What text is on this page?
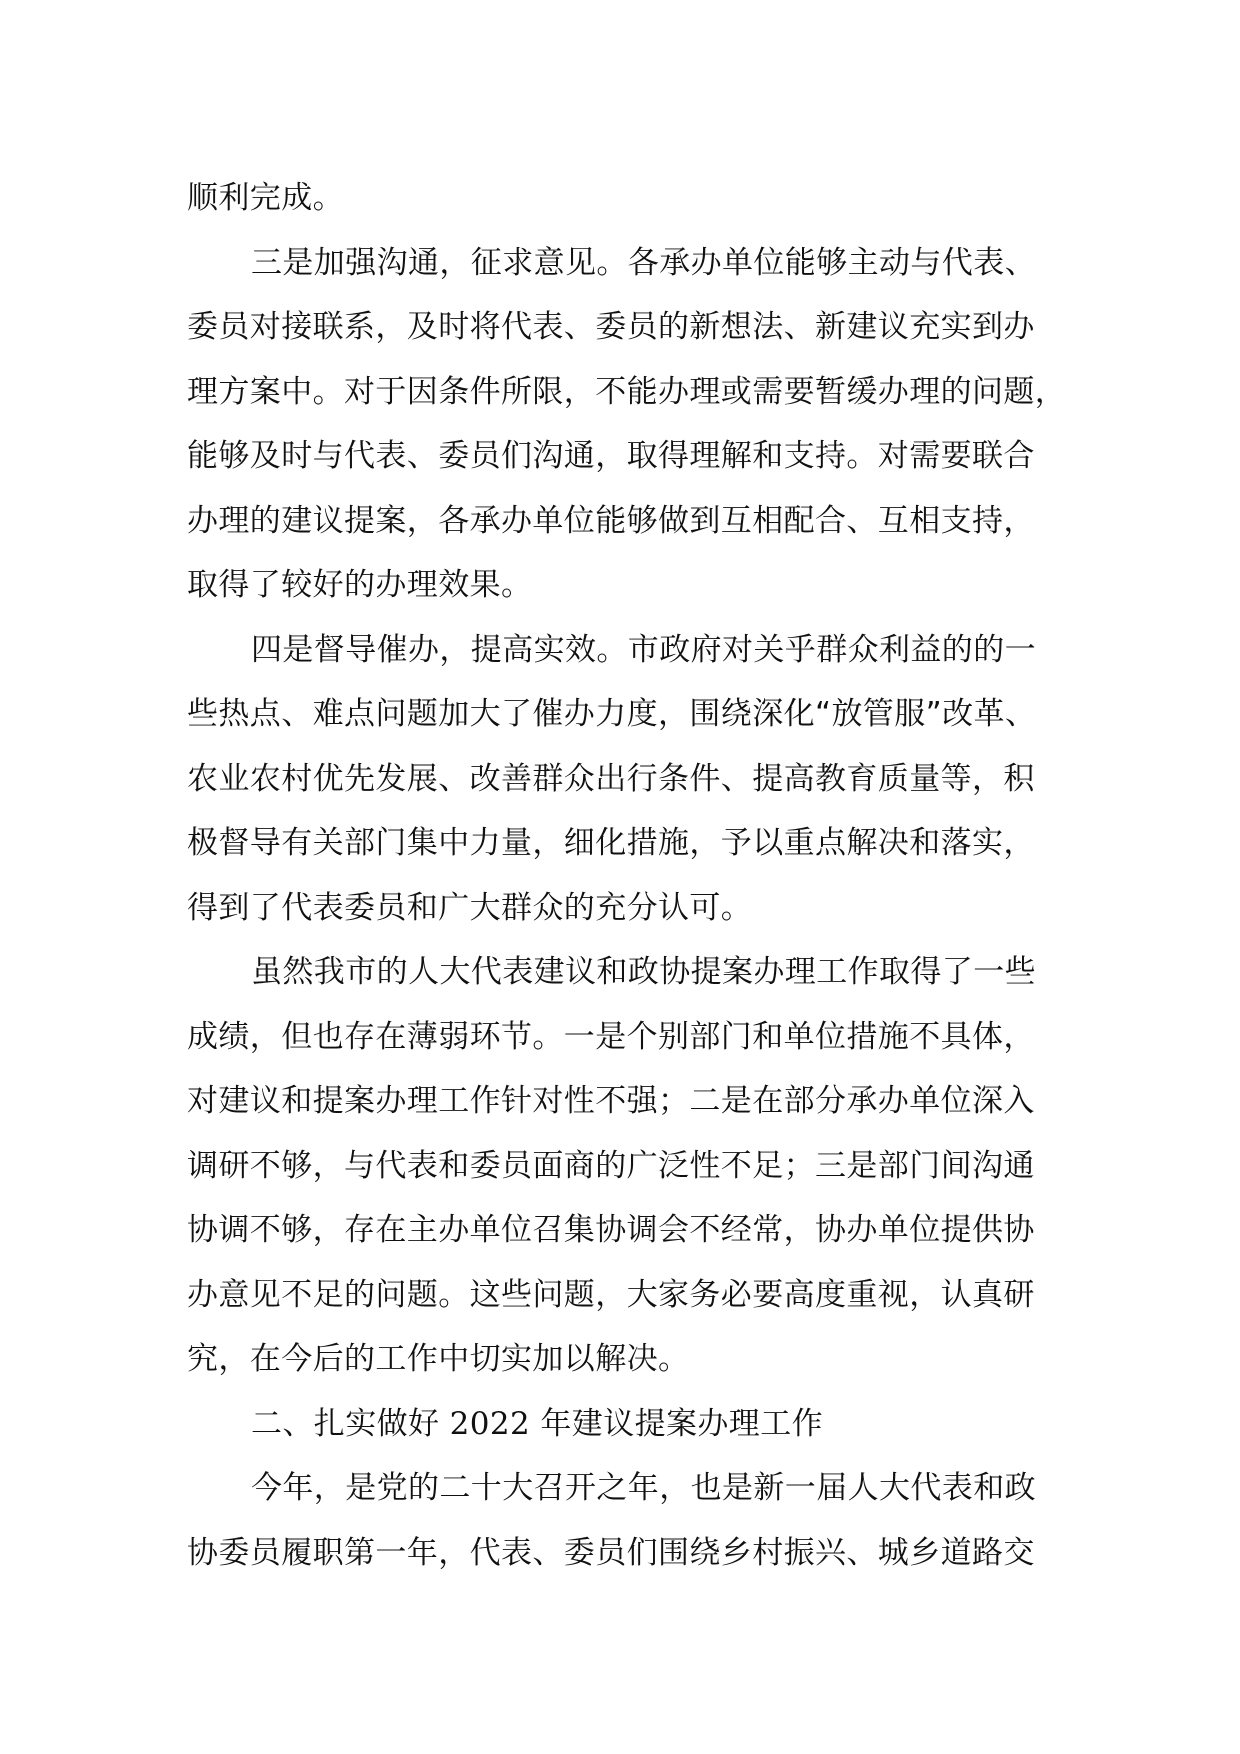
顺利完成。
三是加强沟通，征求意见。各承办单位能够主动与代表、
委员对接联系，及时将代表、委员的新想法、新建议充实到办
理方案中。对于因条件所限，不能办理或需要暂缓办理的问题，
能够及时与代表、委员们沟通，取得理解和支持。对需要联合
办理的建议提案，各承办单位能够做到互相配合、互相支持，
取得了较好的办理效果。
四是督导催办，提高实效。市政府对关乎群众利益的的一
些热点、难点问题加大了催办力度，围绕深化“放管服”改革、
农业农村优先发展、改善群众出行条件、提高教育质量等，积
极督导有关部门集中力量，细化措施，予以重点解决和落实，
得到了代表委员和广大群众的充分认可。
虽然我市的人大代表建议和政协提案办理工作取得了一些
成绩，但也存在薄弱环节。一是个别部门和单位措施不具体，
对建议和提案办理工作针对性不强；二是在部分承办单位深入
调研不够，与代表和委员面商的广泛性不足；三是部门间沟通
协调不够，存在主办单位召集协调会不经常，协办单位提供协
办意见不足的问题。这些问题，大家务必要高度重视，认真研
究，在今后的工作中切实加以解决。
二、扎实做好 2022 年建议提案办理工作
今年，是党的二十大召开之年，也是新一届人大代表和政
协委员履职第一年，代表、委员们围绕乡村振兴、城乡道路交
